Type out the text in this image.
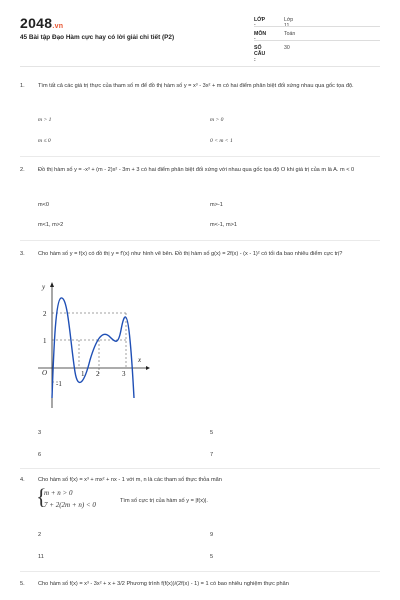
2048.vn
45 Bài tập Đạo Hàm cực hay có lời giải chi tiết (P2)
LỚP :
Lớp 11
MÔN :
Toán
SỐ CÂU :
30
1. Tìm tất cả các giá trị thực của tham số m để đồ thị hàm số y = x³ - 3x² + m có hai điểm phân biệt đối xứng nhau qua gốc tọa độ.
m > 1	m > 0
m ≤ 0	0 < m < 1
2. Đồ thị hàm số y = -x³ + (m - 2)x² - 3m + 3 có hai điểm phân biệt đối xứng với nhau qua gốc tọa độ O khi giá trị của m là A. m < 0
m<0	m>-1
m<1, m>2	m<-1, m>1
3. Cho hàm số y = f(x) có đồ thị y = f'(x) như hình vẽ bên. Đồ thị hàm số g(x) = 2f(x) - (x - 1)² có tối đa bao nhiêu điểm cực trị?
y
x
O
2
1
-1
1 2	3
3	5
6	7
4. Cho hàm số f(x) = x³ + mx² + nx - 1 với m, n là các tham số thực thỏa mãn
{
m + n > 0
7 + 2(2m + n) < 0	Tìm số cực trị của hàm số y = |f(x)|.
2	9
11	5
5. Cho hàm số f(x) = x³ - 3x² + x + 3/2 Phương trình f(f(x))/(2f(x) - 1) = 1 có bao nhiêu nghiệm thực phân
